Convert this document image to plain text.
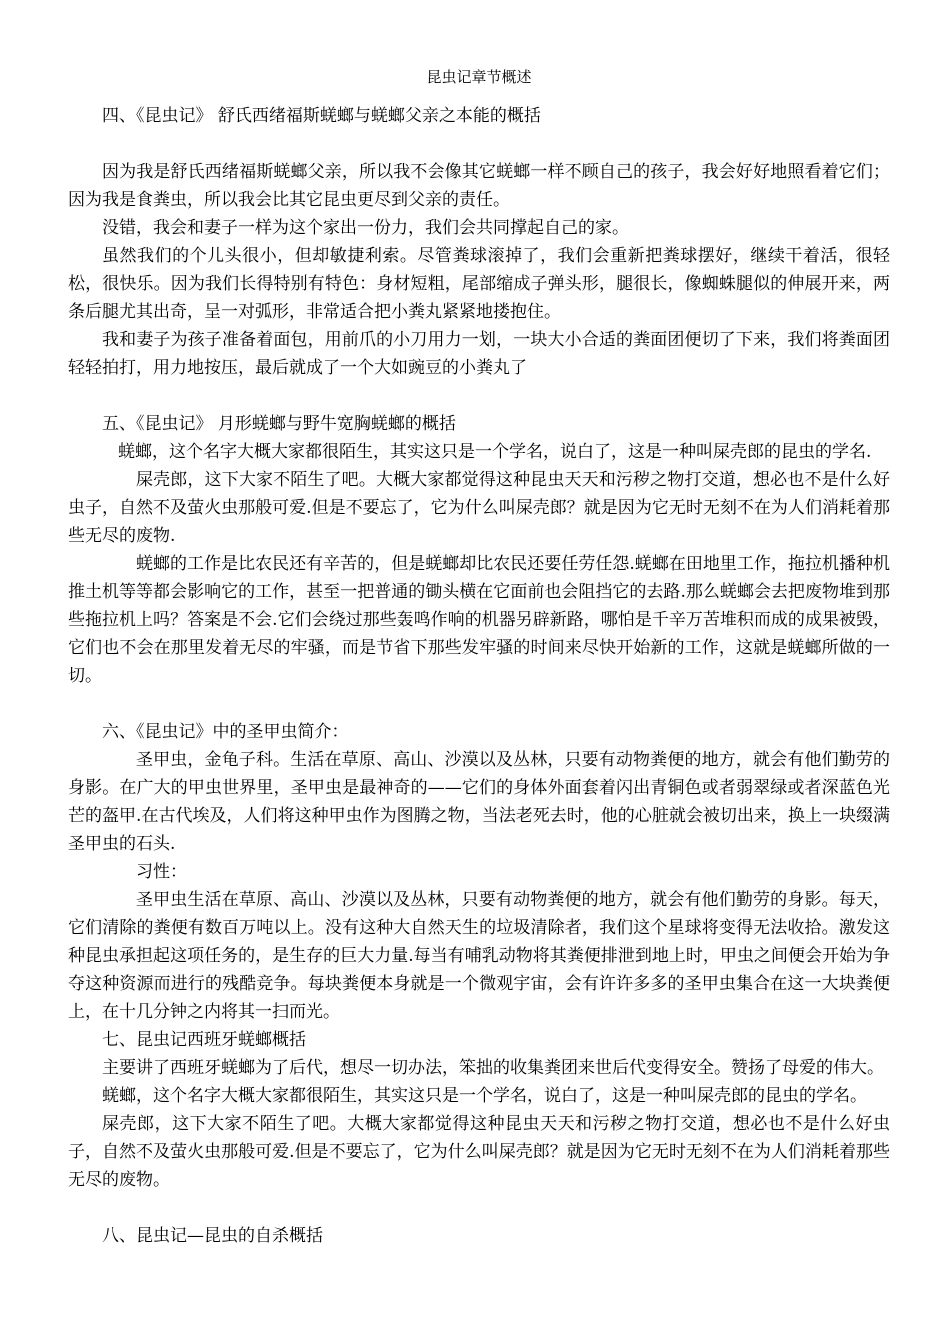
昆虫记章节概述

四、《昆虫记》 舒氏西绪福斯蜣螂与蜣螂父亲之本能的概括

因为我是舒氏西绪福斯蜣螂父亲，所以我不会像其它蜣螂一样不顾自己的孩子，我会好好地照看着它们；因为我是食粪虫，所以我会比其它昆虫更尽到父亲的责任。

没错，我会和妻子一样为这个家出一份力，我们会共同撑起自己的家。

虽然我们的个儿头很小，但却敏捷利索。尽管粪球滚掉了，我们会重新把粪球摆好，继续干着活，很轻松，很快乐。因为我们长得特别有特色：身材短粗，尾部缩成子弹头形，腿很长，像蜘蛛腿似的伸展开来，两条后腿尤其出奇，呈一对弧形，非常适合把小粪丸紧紧地搂抱住。

我和妻子为孩子准备着面包，用前爪的小刀用力一划，一块大小合适的粪面团便切了下来，我们将粪面团轻轻拍打，用力地按压，最后就成了一个大如豌豆的小粪丸了

五、《昆虫记》 月形蜣螂与野牛宽胸蜣螂的概括

蜣螂，这个名字大概大家都很陌生，其实这只是一个学名，说白了，这是一种叫屎壳郎的昆虫的学名.

屎壳郎，这下大家不陌生了吧。大概大家都觉得这种昆虫天天和污秽之物打交道，想必也不是什么好虫子，自然不及萤火虫那般可爱.但是不要忘了，它为什么叫屎壳郎？就是因为它无时无刻不在为人们消耗着那些无尽的废物.

蜣螂的工作是比农民还有辛苦的，但是蜣螂却比农民还要任劳任怨.蜣螂在田地里工作，拖拉机播种机推土机等等都会影响它的工作，甚至一把普通的锄头横在它面前也会阻挡它的去路.那么蜣螂会去把废物堆到那些拖拉机上吗？答案是不会.它们会绕过那些轰鸣作响的机器另辟新路，哪怕是千辛万苦堆积而成的成果被毁，它们也不会在那里发着无尽的牢骚，而是节省下那些发牢骚的时间来尽快开始新的工作，这就是蜣螂所做的一切。

六、《昆虫记》中的圣甲虫简介：

圣甲虫，金龟子科。生活在草原、高山、沙漠以及丛林，只要有动物粪便的地方，就会有他们勤劳的身影。在广大的甲虫世界里，圣甲虫是最神奇的——它们的身体外面套着闪出青铜色或者弱翠绿或者深蓝色光芒的盔甲.在古代埃及，人们将这种甲虫作为图腾之物，当法老死去时，他的心脏就会被切出来，换上一块缀满圣甲虫的石头.

习性：

圣甲虫生活在草原、高山、沙漠以及丛林，只要有动物粪便的地方，就会有他们勤劳的身影。每天，它们清除的粪便有数百万吨以上。没有这种大自然天生的垃圾清除者，我们这个星球将变得无法收拾。激发这种昆虫承担起这项任务的，是生存的巨大力量.每当有哺乳动物将其粪便排泄到地上时，甲虫之间便会开始为争夺这种资源而进行的残酷竞争。每块粪便本身就是一个微观宇宙，会有许许多多的圣甲虫集合在这一大块粪便上，在十几分钟之内将其一扫而光。

七、昆虫记西班牙蜣螂概括

主要讲了西班牙蜣螂为了后代，想尽一切办法，笨拙的收集粪团来世后代变得安全。赞扬了母爱的伟大。

蜣螂，这个名字大概大家都很陌生，其实这只是一个学名，说白了，这是一种叫屎壳郎的昆虫的学名。

屎壳郎，这下大家不陌生了吧。大概大家都觉得这种昆虫天天和污秽之物打交道，想必也不是什么好虫子，自然不及萤火虫那般可爱.但是不要忘了，它为什么叫屎壳郎？就是因为它无时无刻不在为人们消耗着那些无尽的废物。

八、昆虫记—昆虫的自杀概括
